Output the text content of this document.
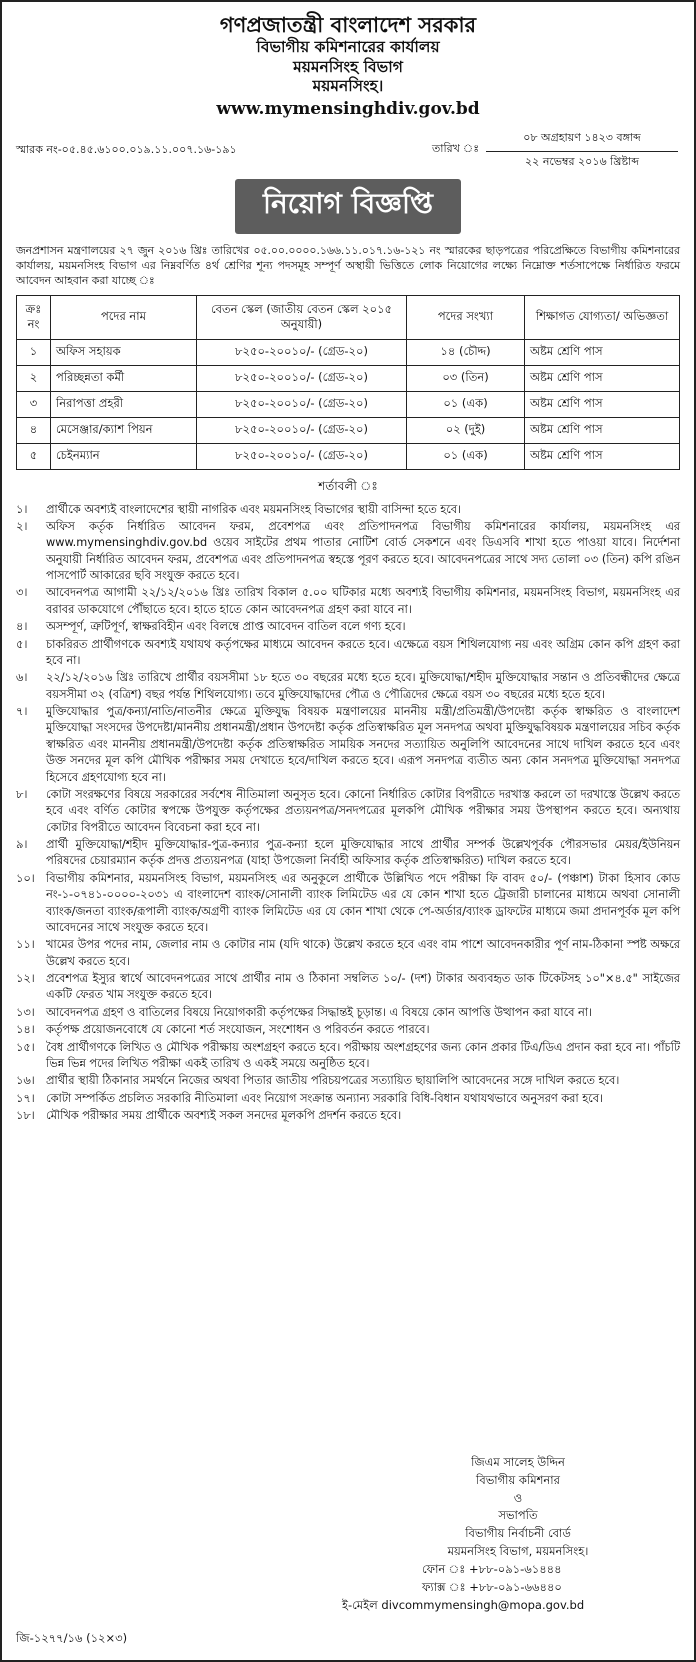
গণপ্রজাতন্ত্রী বাংলাদেশ সরকার
বিভাগীয় কমিশনারের কার্যালয়
ময়মনসিংহ বিভাগ
ময়মনসিংহ।
www.mymensinghdiv.gov.bd
স্মারক নং-০৫.৪৫.৬১০০.০১৯.১১.০০৭.১৬-১৯১	তারিখ ঃ
০৮ অগ্রহায়ণ ১৪২৩ বঙ্গাব্দ
২২ নভেম্বর ২০১৬ খ্রিষ্টাব্দ
নিয়োগ বিজ্ঞপ্তি

জনপ্রশাসন মন্ত্রণালয়ের ২৭ জুন ২০১৬ খ্রিঃ তারিখের ০৫.০০.০০০০.১৬৬.১১.০১৭.১৬-১২১ নং স্মারকের ছাড়পত্রের পরিপ্রেক্ষিতে বিভাগীয় কমিশনারের কার্যালয়, ময়মনসিংহ বিভাগ এর নিম্নবর্ণিত ৪র্থ শ্রেণির শূন্য পদসমূহ সম্পূর্ণ অস্থায়ী ভিত্তিতে লোক নিয়োগের লক্ষ্যে নিম্নোক্ত শর্তসাপেক্ষে নির্ধারিত ফরমে আবেদন আহবান করা যাচ্ছে ঃ

ক্রঃ নং	পদের নাম	বেতন স্কেল (জাতীয় বেতন স্কেল ২০১৫ অনুযায়ী)	পদের সংখ্যা	শিক্ষাগত যোগ্যতা/ অভিজ্ঞতা
১	অফিস সহায়ক	৮২৫০-২০০১০/- (গ্রেড-২০)	১৪ (চৌদ্দ)	অষ্টম শ্রেণি পাস
২	পরিচ্ছন্নতা কর্মী	৮২৫০-২০০১০/- (গ্রেড-২০)	০৩ (তিন)	অষ্টম শ্রেণি পাস
৩	নিরাপত্তা প্রহরী	৮২৫০-২০০১০/- (গ্রেড-২০)	০১ (এক)	অষ্টম শ্রেণি পাস
৪	মেসেঞ্জার/ক্যাশ পিয়ন	৮২৫০-২০০১০/- (গ্রেড-২০)	০২ (দুই)	অষ্টম শ্রেণি পাস
৫	চেইনম্যান	৮২৫০-২০০১০/- (গ্রেড-২০)	০১ (এক)	অষ্টম শ্রেণি পাস
শর্তাবলী ঃ
১।	প্রার্থীকে অবশ্যই বাংলাদেশের স্থায়ী নাগরিক এবং ময়মনসিংহ বিভাগের স্থায়ী বাসিন্দা হতে হবে।
২।	অফিস কর্তৃক নির্ধারিত আবেদন ফরম, প্রবেশপত্র এবং প্রতিপাদনপত্র বিভাগীয় কমিশনারের কার্যালয়, ময়মনসিংহ এর www.mymensinghdiv.gov.bd ওয়েব সাইটের প্রথম পাতার নোটিশ বোর্ড সেকশনে এবং ডিএসবি শাখা হতে পাওয়া যাবে। নির্দেশনা অনুযায়ী নির্ধারিত আবেদন ফরম, প্রবেশপত্র এবং প্রতিপাদনপত্র স্বহস্তে পূরণ করতে হবে। আবেদনপত্রের সাথে সদ্য তোলা ০৩ (তিন) কপি রঙিন পাসপোর্ট আকারের ছবি সংযুক্ত করতে হবে।
৩।	আবেদনপত্র আগামী ২২/১২/২০১৬ খ্রিঃ তারিখ বিকাল ৫.০০ ঘটিকার মধ্যে অবশ্যই বিভাগীয় কমিশনার, ময়মনসিংহ বিভাগ, ময়মনসিংহ এর বরাবর ডাকযোগে পৌঁছাতে হবে। হাতে হাতে কোন আবেদনপত্র গ্রহণ করা যাবে না।
৪।	অসম্পূর্ণ, ত্রুটিপূর্ণ, স্বাক্ষরবিহীন এবং বিলম্বে প্রাপ্ত আবেদন বাতিল বলে গণ্য হবে।
৫।	চাকরিরত প্রার্থীগণকে অবশ্যই যথাযথ কর্তৃপক্ষের মাধ্যমে আবেদন করতে হবে। এক্ষেত্রে বয়স শিথিলযোগ্য নয় এবং অগ্রিম কোন কপি গ্রহণ করা হবে না।
৬।	২২/১২/২০১৬ খ্রিঃ তারিখে প্রার্থীর বয়সসীমা ১৮ হতে ৩০ বছরের মধ্যে হতে হবে। মুক্তিযোদ্ধা/শহীদ মুক্তিযোদ্ধার সন্তান ও প্রতিবন্ধীদের ক্ষেত্রে বয়সসীমা ৩২ (বত্রিশ) বছর পর্যন্ত শিথিলযোগ্য। তবে মুক্তিযোদ্ধাদের পৌত্র ও পৌত্রিদের ক্ষেত্রে বয়স ৩০ বছরের মধ্যে হতে হবে।
৭।	মুক্তিযোদ্ধার পুত্র/কন্যা/নাতি/নাতনীর ক্ষেত্রে মুক্তিযুদ্ধ বিষয়ক মন্ত্রণালয়ের মাননীয় মন্ত্রী/প্রতিমন্ত্রী/উপদেষ্টা কর্তৃক স্বাক্ষরিত ও বাংলাদেশ মুক্তিযোদ্ধা সংসদের উপদেষ্টা/মাননীয় প্রধানমন্ত্রী/প্রধান উপদেষ্টা কর্তৃক প্রতিস্বাক্ষরিত মূল সনদপত্র অথবা মুক্তিযুদ্ধবিষয়ক মন্ত্রণালয়ের সচিব কর্তৃক স্বাক্ষরিত এবং মাননীয় প্রধানমন্ত্রী/উপদেষ্টা কর্তৃক প্রতিস্বাক্ষরিত সাময়িক সনদের সত্যায়িত অনুলিপি আবেদনের সাথে দাখিল করতে হবে এবং উক্ত সনদের মূল কপি মৌখিক পরীক্ষার সময় দেখাতে হবে/দাখিল করতে হবে। এরূপ সনদপত্র ব্যতীত অন্য কোন সনদপত্র মুক্তিযোদ্ধা সনদপত্র হিসেবে গ্রহণযোগ্য হবে না।
৮।	কোটা সংরক্ষণের বিষয়ে সরকারের সর্বশেষ নীতিমালা অনুসৃত হবে। কোনো নির্ধারিত কোটার বিপরীতে দরখাস্ত করলে তা দরখাস্তে উল্লেখ করতে হবে এবং বর্ণিত কোটার স্বপক্ষে উপযুক্ত কর্তৃপক্ষের প্রত্যয়নপত্র/সনদপত্রের মূলকপি মৌখিক পরীক্ষার সময় উপস্থাপন করতে হবে। অন্যথায় কোটার বিপরীতে আবেদন বিবেচনা করা হবে না।
৯।	প্রার্থী মুক্তিযোদ্ধা/শহীদ মুক্তিযোদ্ধার-পুত্র-কন্যার পুত্র-কন্যা হলে মুক্তিযোদ্ধার সাথে প্রার্থীর সম্পর্ক উল্লেখপূর্বক পৌরসভার মেয়র/ইউনিয়ন পরিষদের চেয়ারম্যান কর্তৃক প্রদত্ত প্রত্যয়নপত্র (যাহা উপজেলা নির্বাহী অফিসার কর্তৃক প্রতিস্বাক্ষরিত) দাখিল করতে হবে।
১০। বিভাগীয় কমিশনার, ময়মনসিংহ বিভাগ, ময়মনসিংহ এর অনুকূলে প্রার্থীকে উল্লিখিত পদে পরীক্ষা ফি বাবদ ৫০/- (পঞ্চাশ) টাকা হিসাব কোড নং-১-০৭৪১-০০০০-২০৩১ এ বাংলাদেশ ব্যাংক/সোনালী ব্যাংক লিমিটেড এর যে কোন শাখা হতে ট্রেজারী চালানের মাধ্যমে অথবা সোনালী ব্যাংক/জনতা ব্যাংক/রূপালী ব্যাংক/অগ্রণী ব্যাংক লিমিটেড এর যে কোন শাখা থেকে পে-অর্ডার/ব্যাংক ড্রাফটের মাধ্যমে জমা প্রদানপূর্বক মূল কপি আবেদনের সাথে সংযুক্ত করতে হবে।
১১। খামের উপর পদের নাম, জেলার নাম ও কোটার নাম (যদি থাকে) উল্লেখ করতে হবে এবং বাম পাশে আবেদনকারীর পূর্ণ নাম-ঠিকানা স্পষ্ট অক্ষরে উল্লেখ করতে হবে।
১২। প্রবেশপত্র ইস্যুর স্বার্থে আবেদনপত্রের সাথে প্রার্থীর নাম ও ঠিকানা সম্বলিত ১০/- (দশ) টাকার অব্যবহৃত ডাক টিকেটসহ ১০"×৪.৫" সাইজের একটি ফেরত খাম সংযুক্ত করতে হবে।
১৩। আবেদনপত্র গ্রহণ ও বাতিলের বিষয়ে নিয়োগকারী কর্তৃপক্ষের সিদ্ধান্তই চূড়ান্ত। এ বিষয়ে কোন আপত্তি উত্থাপন করা যাবে না।
১৪। কর্তৃপক্ষ প্রয়োজনবোধে যে কোনো শর্ত সংযোজন, সংশোধন ও পরিবর্তন করতে পারবে।
১৫। বৈধ প্রার্থীগণকে লিখিত ও মৌখিক পরীক্ষায় অংশগ্রহণ করতে হবে। পরীক্ষায় অংশগ্রহণের জন্য কোন প্রকার টিএ/ডিএ প্রদান করা হবে না। পাঁচটি ভিন্ন ভিন্ন পদের লিখিত পরীক্ষা একই তারিখ ও একই সময়ে অনুষ্ঠিত হবে।
১৬। প্রার্থীর স্থায়ী ঠিকানার সমর্থনে নিজের অথবা পিতার জাতীয় পরিচয়পত্রের সত্যায়িত ছায়ালিপি আবেদনের সঙ্গে দাখিল করতে হবে।
১৭। কোটা সম্পর্কিত প্রচলিত সরকারি নীতিমালা এবং নিয়োগ সংক্রান্ত অন্যান্য সরকারি বিধি-বিধান যথাযথভাবে অনুসরণ করা হবে।
১৮। মৌখিক পরীক্ষার সময় প্রার্থীকে অবশ্যই সকল সনদের মূলকপি প্রদর্শন করতে হবে।
জিএম সালেহ উদ্দিন
বিভাগীয় কমিশনার
ও
সভাপতি
বিভাগীয় নির্বাচনী বোর্ড
ময়মনসিংহ বিভাগ, ময়মনসিংহ।
ফোন ঃ +৮৮-০৯১-৬১৪৪৪
ফ্যাক্স ঃ +৮৮-০৯১-৬৬৪৪০
ই-মেইল divcommymensingh@mopa.gov.bd
জি-১২৭৭/১৬ (১২×৩)
